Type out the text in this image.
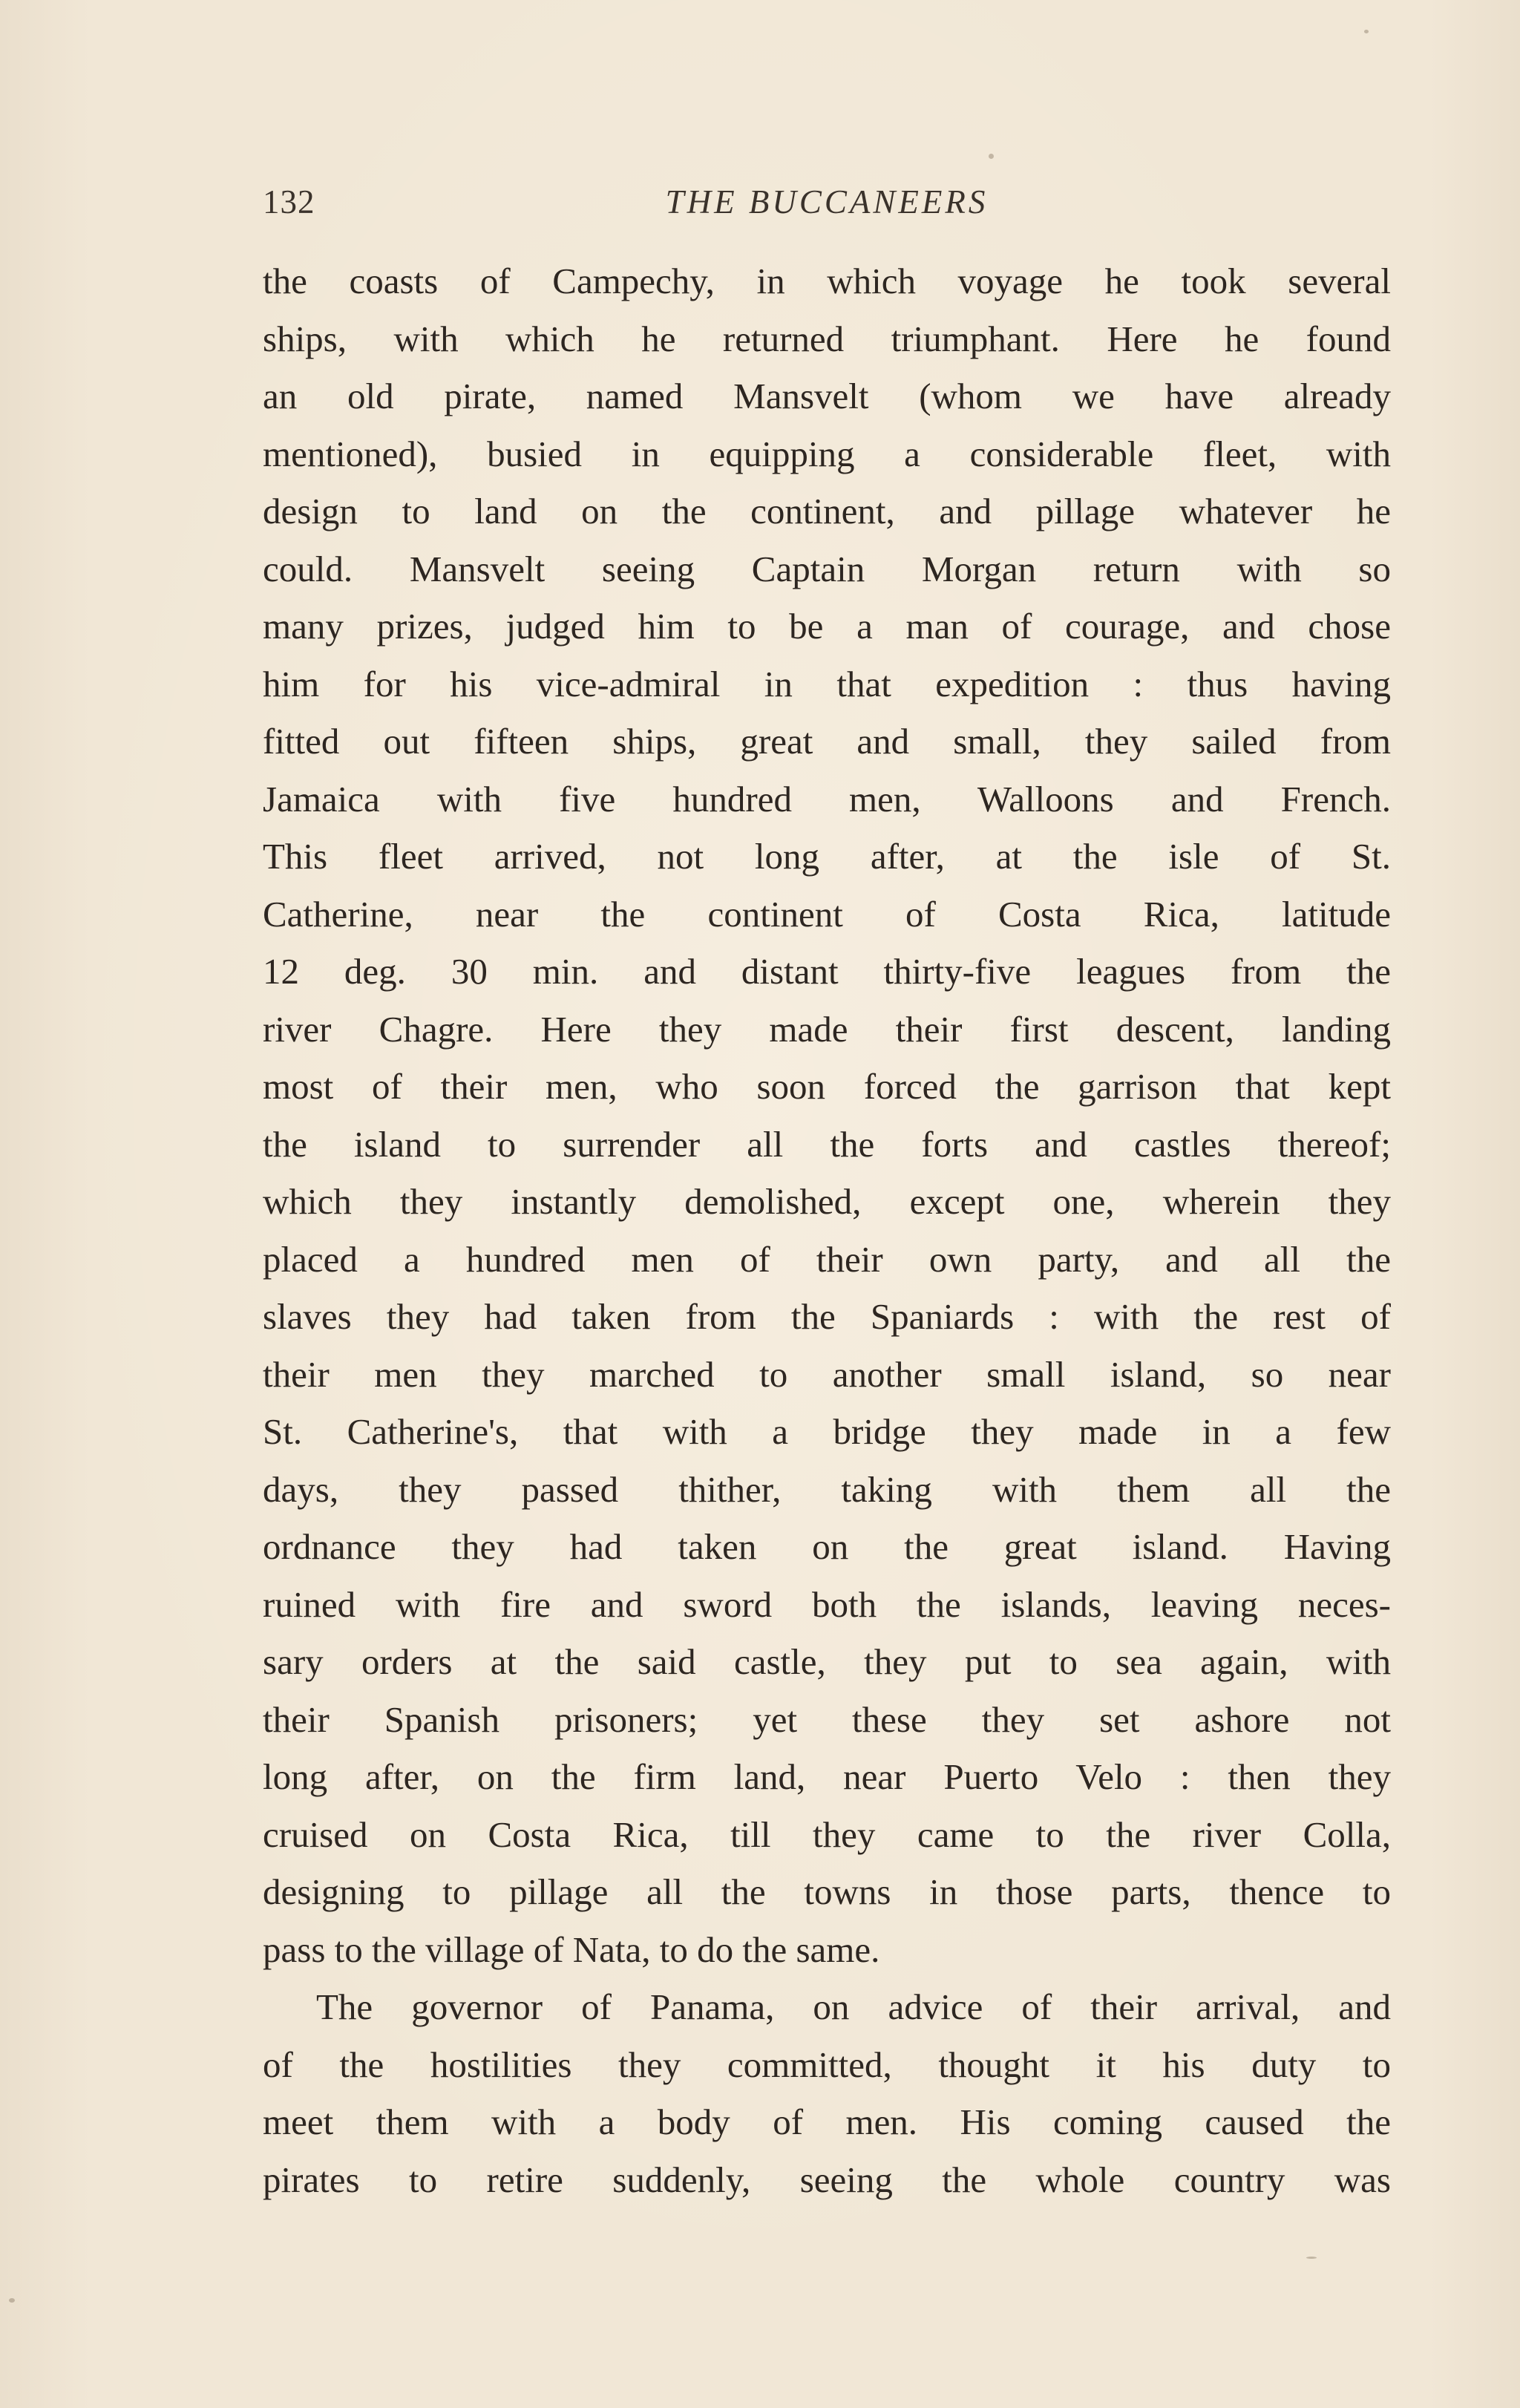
132	THE BUCCANEERS
the coasts of Campechy, in which voyage he took several
ships, with which he returned triumphant. Here he found
an old pirate, named Mansvelt (whom we have already
mentioned), busied in equipping a considerable fleet, with
design to land on the continent, and pillage whatever he
could. Mansvelt seeing Captain Morgan return with so
many prizes, judged him to be a man of courage, and chose
him for his vice-admiral in that expedition : thus having
fitted out fifteen ships, great and small, they sailed from
Jamaica with five hundred men, Walloons and French.
This fleet arrived, not long after, at the isle of St.
Catherine, near the continent of Costa Rica, latitude
12 deg. 30 min. and distant thirty-five leagues from the
river Chagre. Here they made their first descent, landing
most of their men, who soon forced the garrison that kept
the island to surrender all the forts and castles thereof;
which they instantly demolished, except one, wherein they
placed a hundred men of their own party, and all the
slaves they had taken from the Spaniards : with the rest of
their men they marched to another small island, so near
St. Catherine's, that with a bridge they made in a few
days, they passed thither, taking with them all the
ordnance they had taken on the great island. Having
ruined with fire and sword both the islands, leaving neces-
sary orders at the said castle, they put to sea again, with
their Spanish prisoners; yet these they set ashore not
long after, on the firm land, near Puerto Velo : then they
cruised on Costa Rica, till they came to the river Colla,
designing to pillage all the towns in those parts, thence to
pass to the village of Nata, to do the same.
The governor of Panama, on advice of their arrival, and
of the hostilities they committed, thought it his duty to
meet them with a body of men. His coming caused the
pirates to retire suddenly, seeing the whole country was
